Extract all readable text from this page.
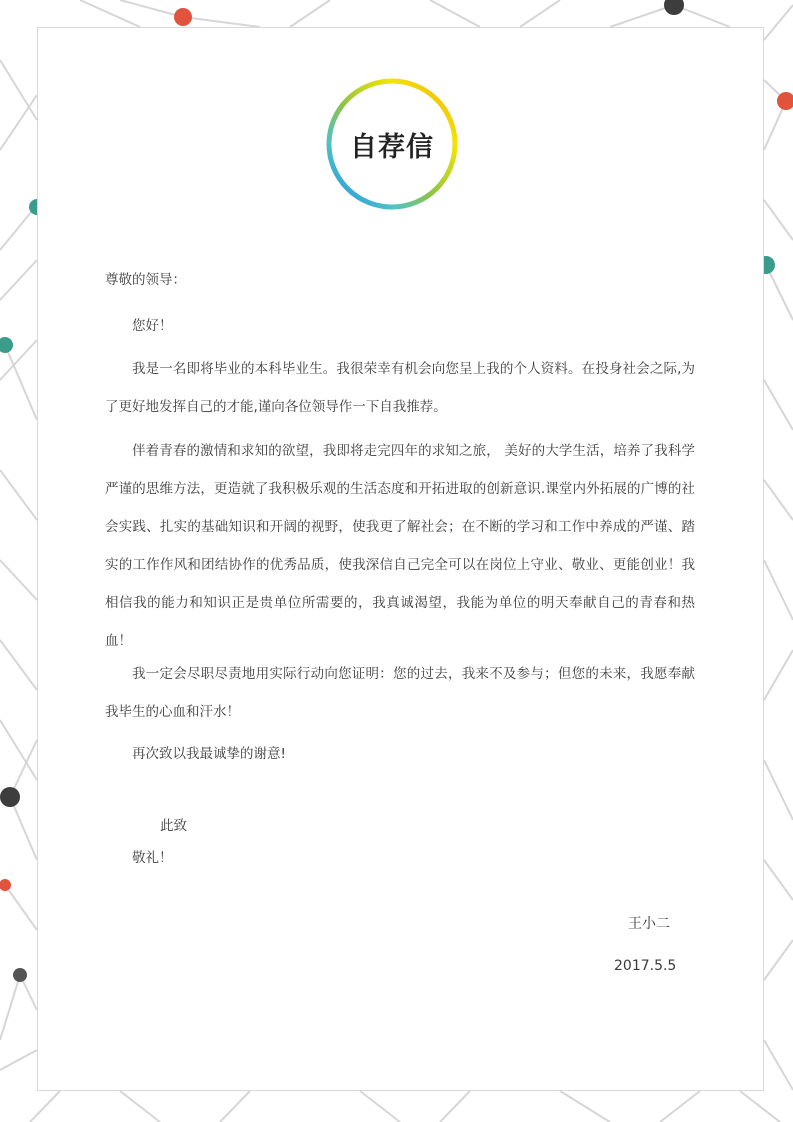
自荐信
尊敬的领导：
您好！
我是一名即将毕业的本科毕业生。我很荣幸有机会向您呈上我的个人资料。在投身社会之际,为了更好地发挥自己的才能,谨向各位领导作一下自我推荐。
伴着青春的激情和求知的欲望，我即将走完四年的求知之旅， 美好的大学生活，培养了我科学严谨的思维方法，更造就了我积极乐观的生活态度和开拓进取的创新意识.课堂内外拓展的广博的社会实践、扎实的基础知识和开阔的视野，使我更了解社会；在不断的学习和工作中养成的严谨、踏实的工作作风和团结协作的优秀品质，使我深信自己完全可以在岗位上守业、敬业、更能创业！我相信我的能力和知识正是贵单位所需要的，我真诚渴望，我能为单位的明天奉献自己的青春和热血！
我一定会尽职尽责地用实际行动向您证明：您的过去，我来不及参与；但您的未来，我愿奉献我毕生的心血和汗水！
再次致以我最诚挚的谢意!
此致
敬礼！
王小二
2017.5.5
